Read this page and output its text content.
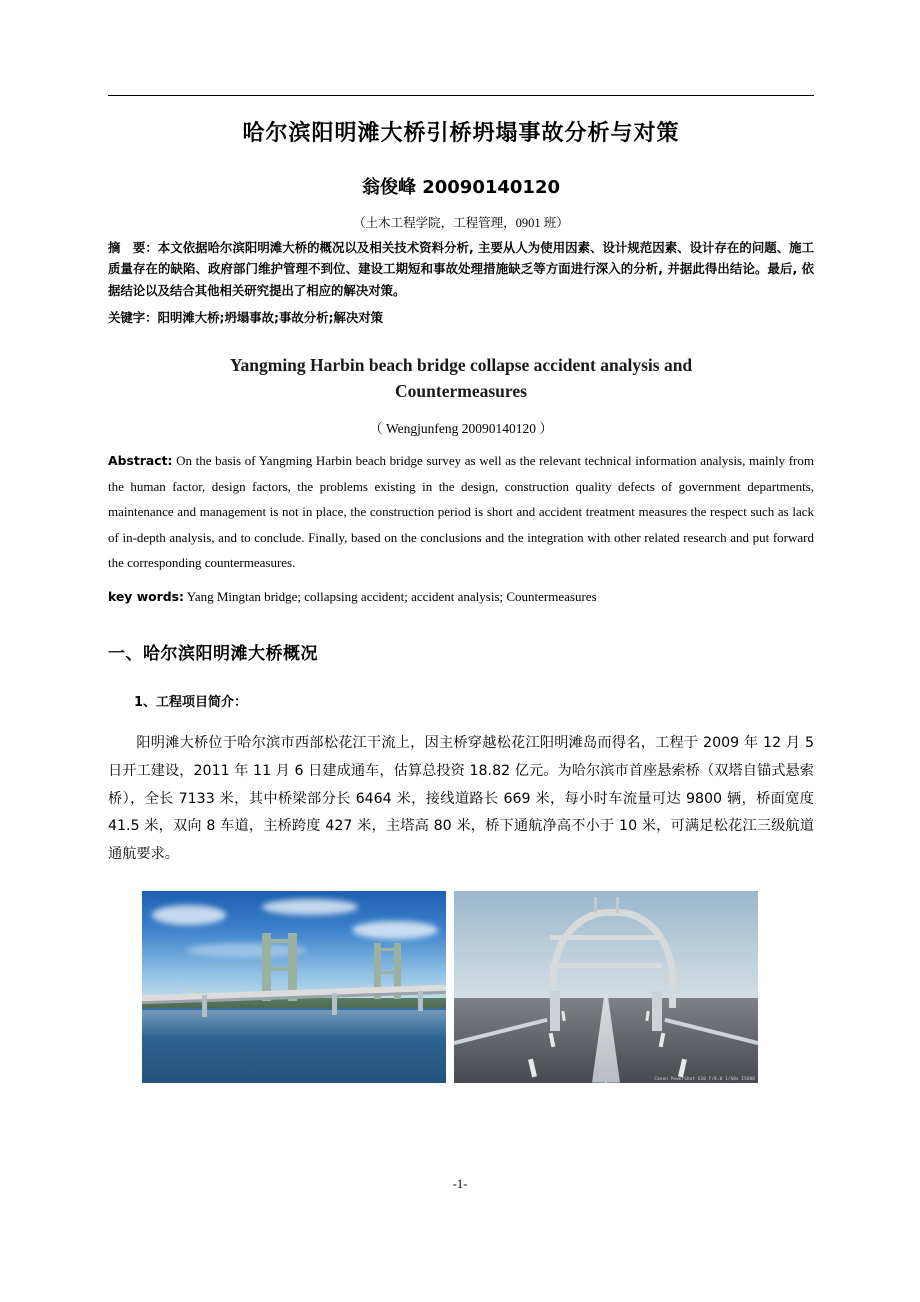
哈尔滨阳明滩大桥引桥坍塌事故分析与对策
翁俊峰 20090140120
（土木工程学院，工程管理，0901 班）
摘　要：本文依据哈尔滨阳明滩大桥的概况以及相关技术资料分析, 主要从人为使用因素、设计规范因素、设计存在的问题、施工质量存在的缺陷、政府部门维护管理不到位、建设工期短和事故处理措施缺乏等方面进行深入的分析, 并据此得出结论。最后, 依据结论以及结合其他相关研究提出了相应的解决对策。
关键字：阳明滩大桥;坍塌事故;事故分析;解决对策
Yangming Harbin beach bridge collapse accident analysis and
Countermeasures
（ Wengjunfeng 20090140120 ）
Abstract: On the basis of Yangming Harbin beach bridge survey as well as the relevant technical information analysis, mainly from the human factor, design factors, the problems existing in the design, construction quality defects of government departments, maintenance and management is not in place, the construction period is short and accident treatment measures the respect such as lack of in-depth analysis, and to conclude. Finally, based on the conclusions and the integration with other related research and put forward the corresponding countermeasures.
key words: Yang Mingtan bridge; collapsing accident; accident analysis; Countermeasures
一、哈尔滨阳明滩大桥概况
1、工程项目简介：
阳明滩大桥位于哈尔滨市西部松花江干流上，因主桥穿越松花江阳明滩岛而得名，工程于 2009 年 12 月 5 日开工建设，2011 年 11 月 6 日建成通车，估算总投资 18.82 亿元。为哈尔滨市首座悬索桥（双塔自锚式悬索桥），全长 7133 米，其中桥梁部分长 6464 米，接线道路长 669 米，每小时车流量可达 9800 辆，桥面宽度 41.5 米，双向 8 车道，主桥跨度 427 米，主塔高 80 米，桥下通航净高不小于 10 米，可满足松花江三级航道通航要求。
Canon PowerShot G10 F/8.0 1/60s ISO80
-1-
